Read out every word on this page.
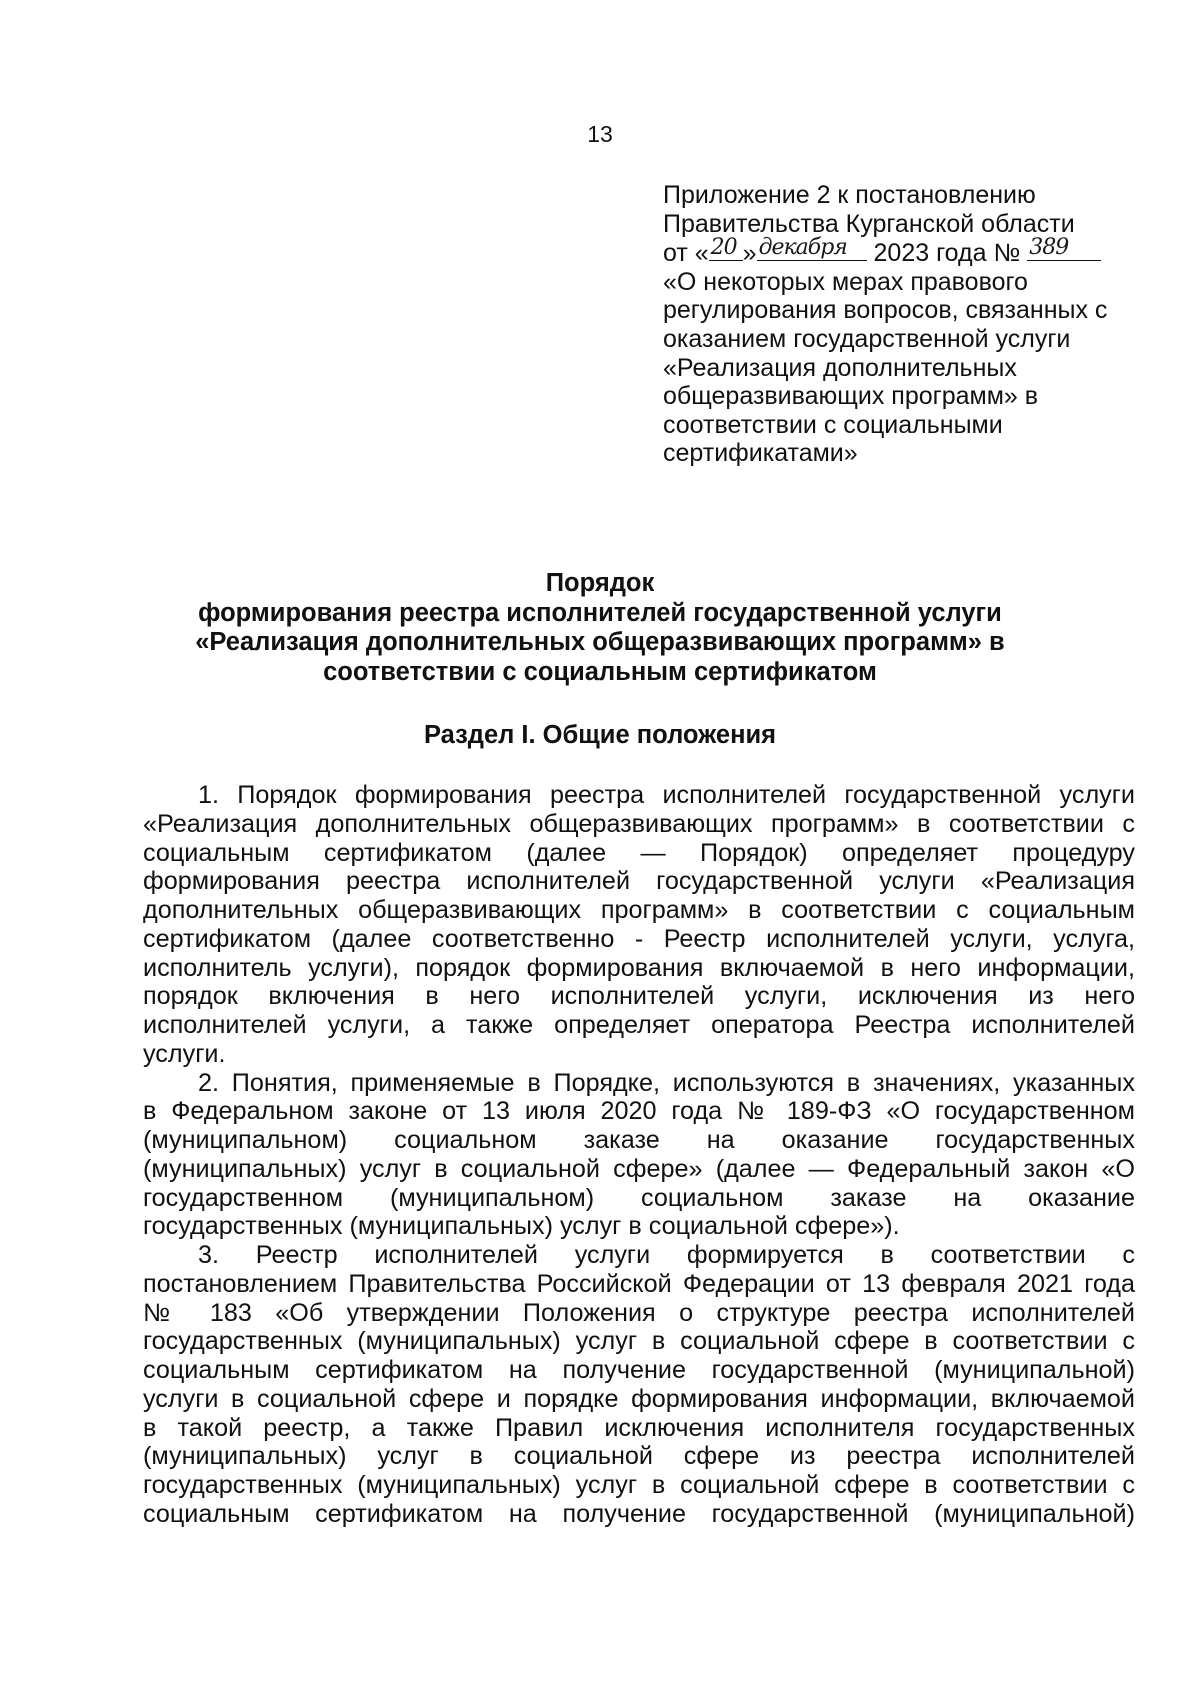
13
Приложение 2 к постановлению
Правительства Курганской области
от « 20 » декабря 2023 года № 389
«О некоторых мерах правового
регулирования вопросов, связанных с
оказанием государственной услуги
«Реализация дополнительных
общеразвивающих программ» в
соответствии с социальными
сертификатами»
Порядок
формирования реестра исполнителей государственной услуги
«Реализация дополнительных общеразвивающих программ» в
соответствии с социальным сертификатом
Раздел I. Общие положения
1. Порядок формирования реестра исполнителей государственной услуги
«Реализация дополнительных общеразвивающих программ» в соответствии с
социальным сертификатом (далее — Порядок) определяет процедуру
формирования реестра исполнителей государственной услуги «Реализация
дополнительных общеразвивающих программ» в соответствии с социальным
сертификатом (далее соответственно - Реестр исполнителей услуги, услуга,
исполнитель услуги), порядок формирования включаемой в него информации,
порядок включения в него исполнителей услуги, исключения из него
исполнителей услуги, а также определяет оператора Реестра исполнителей
услуги.
2. Понятия, применяемые в Порядке, используются в значениях, указанных
в Федеральном законе от 13 июля 2020 года № 189-ФЗ «О государственном
(муниципальном) социальном заказе на оказание государственных
(муниципальных) услуг в социальной сфере» (далее — Федеральный закон «О
государственном (муниципальном) социальном заказе на оказание
государственных (муниципальных) услуг в социальной сфере»).
3. Реестр исполнителей услуги формируется в соответствии с
постановлением Правительства Российской Федерации от 13 февраля 2021 года
№ 183 «Об утверждении Положения о структуре реестра исполнителей
государственных (муниципальных) услуг в социальной сфере в соответствии с
социальным сертификатом на получение государственной (муниципальной)
услуги в социальной сфере и порядке формирования информации, включаемой
в такой реестр, а также Правил исключения исполнителя государственных
(муниципальных) услуг в социальной сфере из реестра исполнителей
государственных (муниципальных) услуг в социальной сфере в соответствии с
социальным сертификатом на получение государственной (муниципальной)
